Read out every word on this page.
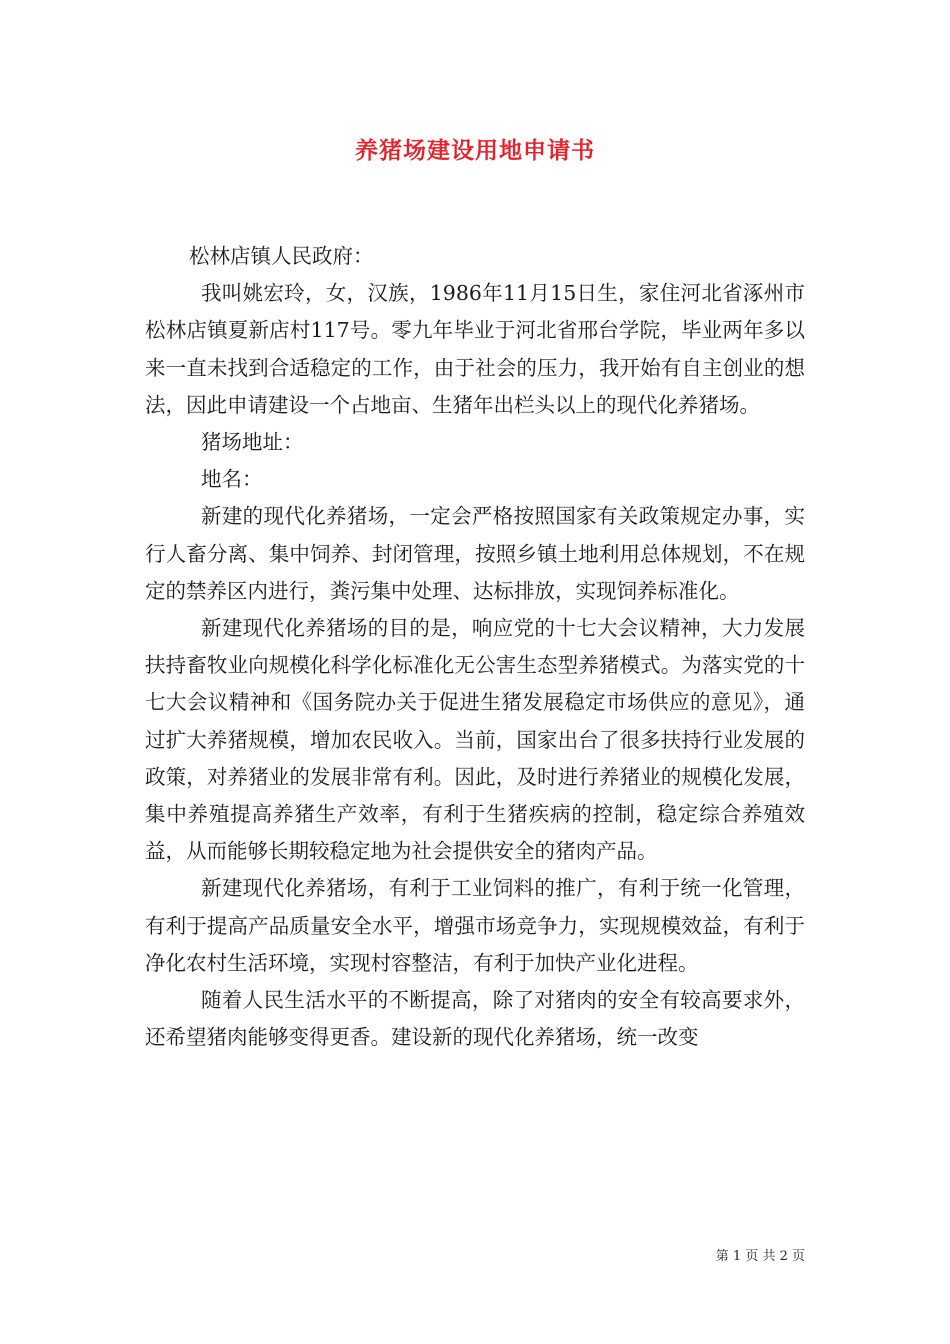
养猪场建设用地申请书

松林店镇人民政府：

我叫姚宏玲，女，汉族，1986年11月15日生，家住河北省涿州市松林店镇夏新店村117号。零九年毕业于河北省邢台学院，毕业两年多以来一直未找到合适稳定的工作，由于社会的压力，我开始有自主创业的想法，因此申请建设一个占地亩、生猪年出栏头以上的现代化养猪场。

猪场地址：

地名：

新建的现代化养猪场，一定会严格按照国家有关政策规定办事，实行人畜分离、集中饲养、封闭管理，按照乡镇土地利用总体规划，不在规定的禁养区内进行，粪污集中处理、达标排放，实现饲养标准化。

新建现代化养猪场的目的是，响应党的十七大会议精神，大力发展扶持畜牧业向规模化科学化标准化无公害生态型养猪模式。为落实党的十七大会议精神和《国务院办关于促进生猪发展稳定市场供应的意见》，通过扩大养猪规模，增加农民收入。当前，国家出台了很多扶持行业发展的政策，对养猪业的发展非常有利。因此，及时进行养猪业的规模化发展，集中养殖提高养猪生产效率，有利于生猪疾病的控制，稳定综合养殖效益，从而能够长期较稳定地为社会提供安全的猪肉产品。

新建现代化养猪场，有利于工业饲料的推广，有利于统一化管理，有利于提高产品质量安全水平，增强市场竞争力，实现规模效益，有利于净化农村生活环境，实现村容整洁，有利于加快产业化进程。

随着人民生活水平的不断提高，除了对猪肉的安全有较高要求外，还希望猪肉能够变得更香。建设新的现代化养猪场，统一改变

第 1 页 共 2 页
